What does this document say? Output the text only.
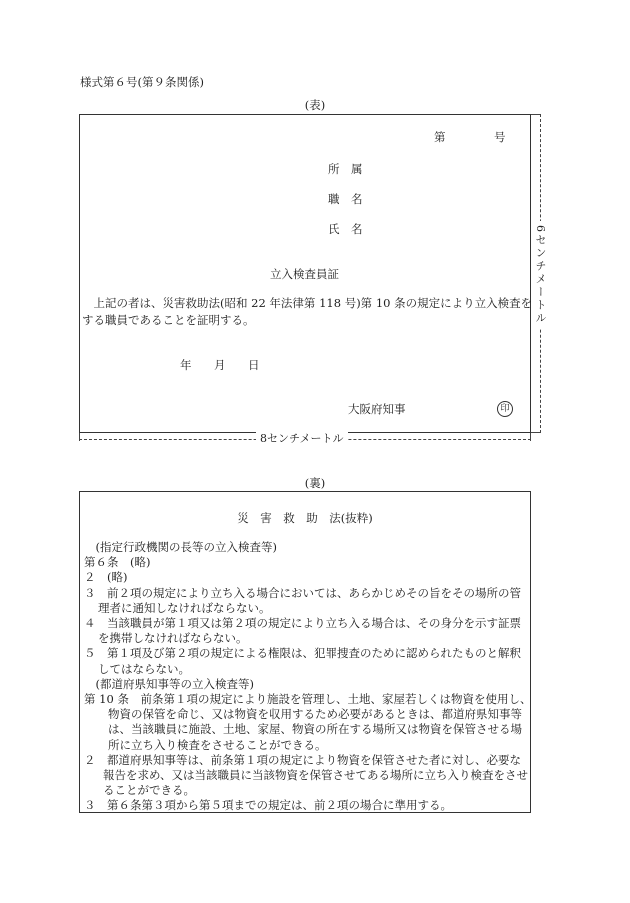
様式第６号(第９条関係)
(表)
第	号
所　属
職　名
氏　名
立入検査員証
　上記の者は、災害救助法(昭和 22 年法律第 118 号)第 10 条の規定により立入検査を
する職員であることを証明する。
年 月 日
大阪府知事	印
8センチメートル
6センチメートル
(裏)
災　害　救　助　法(抜粋)
　(指定行政機関の長等の立入検査等)
第６条　(略)
２　(略)
３　前２項の規定により立ち入る場合においては、あらかじめその旨をその場所の管
理者に通知しなければならない。
４　当該職員が第１項又は第２項の規定により立ち入る場合は、その身分を示す証票
を携帯しなければならない。
５　第１項及び第２項の規定による権限は、犯罪捜査のために認められたものと解釈
してはならない。
　(都道府県知事等の立入検査等)
第 10 条　前条第１項の規定により施設を管理し、土地、家屋若しくは物資を使用し、
物資の保管を命じ、又は物資を収用するため必要があるときは、都道府県知事等
は、当該職員に施設、土地、家屋、物資の所在する場所又は物資を保管させる場
所に立ち入り検査をさせることができる。
２　都道府県知事等は、前条第１項の規定により物資を保管させた者に対し、必要な
報告を求め、又は当該職員に当該物資を保管させてある場所に立ち入り検査をさせ
ることができる。
３　第６条第３項から第５項までの規定は、前２項の場合に準用する。
